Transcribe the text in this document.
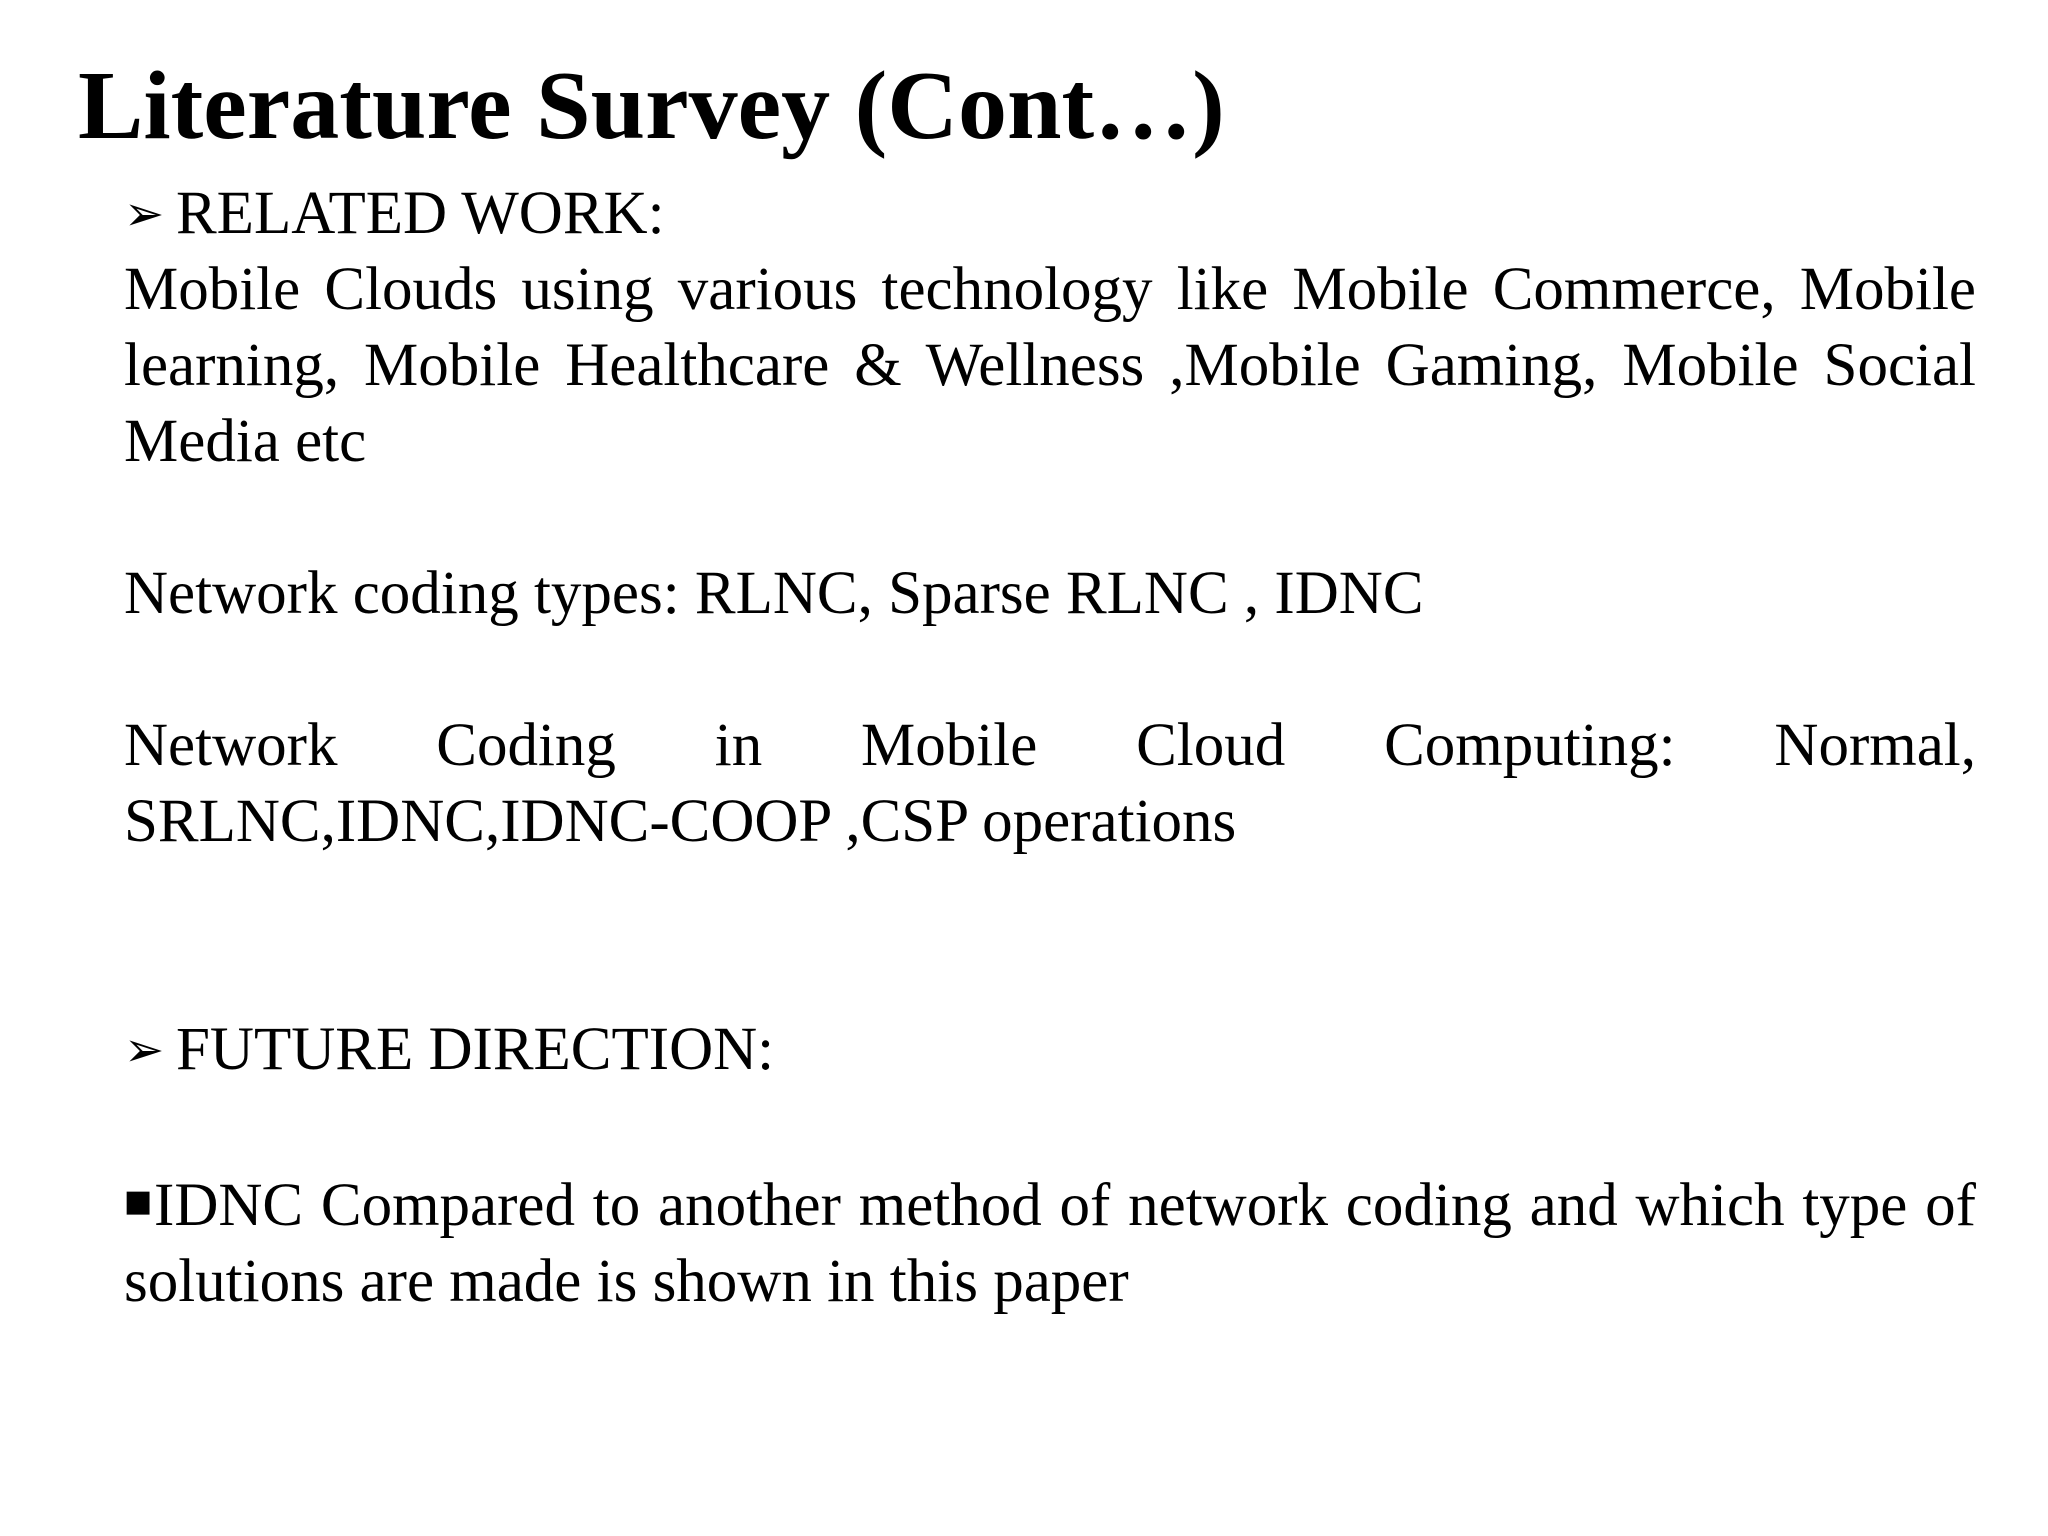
Literature Survey (Cont…)
➢ RELATED WORK:
Mobile Clouds using various technology like Mobile Commerce, Mobile learning, Mobile Healthcare & Wellness ,Mobile Gaming, Mobile Social Media etc
Network coding types: RLNC, Sparse RLNC , IDNC
Network Coding in Mobile Cloud Computing: Normal, SRLNC,IDNC,IDNC-COOP ,CSP operations
➢ FUTURE DIRECTION:
■IDNC Compared to another method of network coding and which type of solutions are made is shown in this paper
